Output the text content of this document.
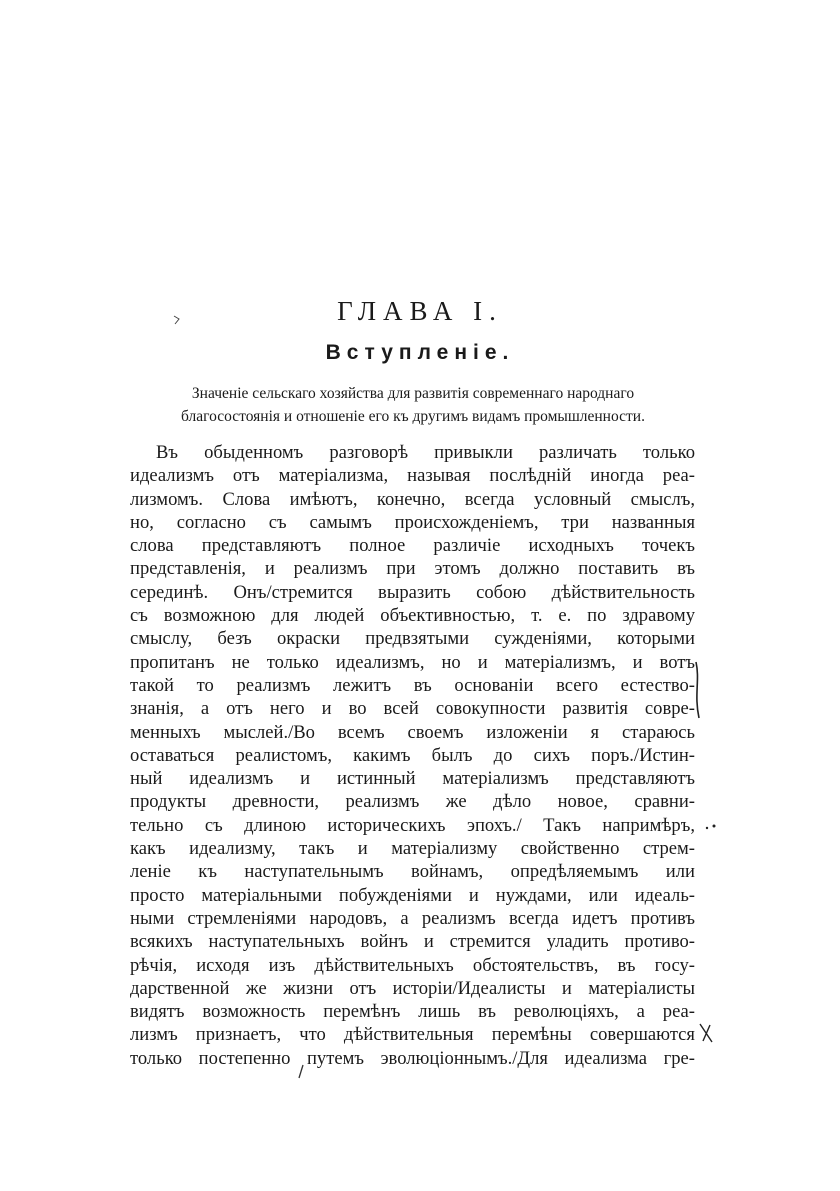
ГЛАВА I.
Вступленіе.
Значеніе сельскаго хозяйства для развитія современнаго народнаго
благосостоянія и отношеніе его къ другимъ видамъ промышленности.
Въ обыденномъ разговорѣ привыкли различать только
идеализмъ отъ матеріализма, называя послѣдній иногда реа-
лизмомъ. Слова имѣютъ, конечно, всегда условный смыслъ,
но, согласно съ самымъ происхожденіемъ, три названныя
слова представляютъ полное различіе исходныхъ точекъ
представленія, и реализмъ при этомъ должно поставить въ
серединѣ. Онъ/стремится выразить собою дѣйствительность
съ возможною для людей объективностью, т. е. по здравому
смыслу, безъ окраски предвзятыми сужденіями, которыми
пропитанъ не только идеализмъ, но и матеріализмъ, и вотъ
такой то реализмъ лежитъ въ основаніи всего естество-
знанія, а отъ него и во всей совокупности развитія совре-
менныхъ мыслей./Во всемъ своемъ изложеніи я стараюсь
оставаться реалистомъ, какимъ былъ до сихъ поръ./Истин-
ный идеализмъ и истинный матеріализмъ представляютъ
продукты древности, реализмъ же дѣло новое, сравни-
тельно съ длиною историческихъ эпохъ./ Такъ напримѣръ,
какъ идеализму, такъ и матеріализму свойственно стрем-
леніе къ наступательнымъ войнамъ, опредѣляемымъ или
просто матеріальными побужденіями и нуждами, или идеаль-
ными стремленіями народовъ, а реализмъ всегда идетъ противъ
всякихъ наступательныхъ войнъ и стремится уладить противо-
рѣчія, исходя изъ дѣйствительныхъ обстоятельствъ, въ госу-
дарственной же жизни отъ исторіи/Идеалисты и матеріалисты
видятъ возможность перемѣнъ лишь въ революціяхъ, а реа-
лизмъ признаетъ, что дѣйствительныя перемѣны совершаются
только постепенно путемъ эволюціоннымъ./Для идеализма гре-
